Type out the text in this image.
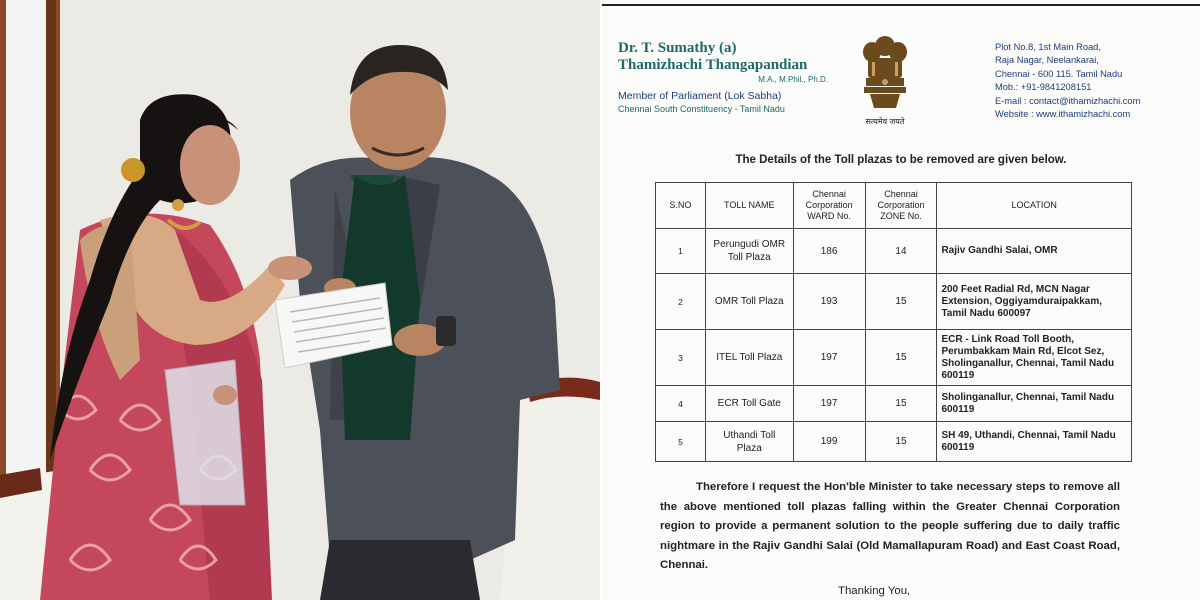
Dr. T. Sumathy (a)
Thamizhachi Thangapandian
M.A., M.Phil., Ph.D.
Member of Parliament (Lok Sabha)
Chennai South Constituency - Tamil Nadu
सत्यमेव जयते
Plot No.8, 1st Main Road,
Raja Nagar, Neelankarai,
Chennai - 600 115. Tamil Nadu
Mob.: +91-9841208151
E-mail : contact@ithamizhachi.com
Website : www.ithamizhachi.com
The Details of the Toll plazas to be removed are given below.
S.NO	TOLL NAME	Chennai Corporation WARD No.	Chennai Corporation ZONE No.	LOCATION
1	Perungudi OMR Toll Plaza	186	14	Rajiv Gandhi Salai, OMR
2	OMR Toll Plaza	193	15	200 Feet Radial Rd, MCN Nagar Extension, Oggiyamduraipakkam, Tamil Nadu 600097
3	ITEL Toll Plaza	197	15	ECR - Link Road Toll Booth, Perumbakkam Main Rd, Elcot Sez, Sholinganallur, Chennai, Tamil Nadu 600119
4	ECR Toll Gate	197	15	Sholinganallur, Chennai, Tamil Nadu 600119
5	Uthandi Toll Plaza	199	15	SH 49, Uthandi, Chennai, Tamil Nadu 600119
Therefore I request the Hon'ble Minister to take necessary steps to remove all the above mentioned toll plazas falling within the Greater Chennai Corporation region to provide a permanent solution to the people suffering due to daily traffic nightmare in the Rajiv Gandhi Salai (Old Mamallapuram Road) and East Coast Road, Chennai.
Thanking You,
